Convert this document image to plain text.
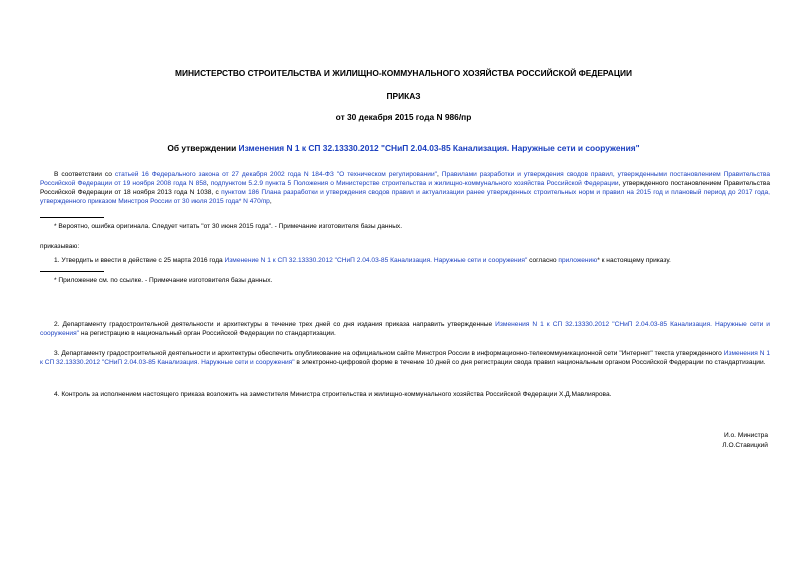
МИНИСТЕРСТВО СТРОИТЕЛЬСТВА И ЖИЛИЩНО-КОММУНАЛЬНОГО ХОЗЯЙСТВА РОССИЙСКОЙ ФЕДЕРАЦИИ
ПРИКАЗ
от 30 декабря 2015 года N 986/пр
Об утверждении Изменения N 1 к СП 32.13330.2012 "СНиП 2.04.03-85 Канализация. Наружные сети и сооружения"
В соответствии со статьей 16 Федерального закона от 27 декабря 2002 года N 184-ФЗ "О техническом регулировании", Правилами разработки и утверждения сводов правил, утвержденными постановлением Правительства Российской Федерации от 19 ноября 2008 года N 858, подпунктом 5.2.9 пункта 5 Положения о Министерстве строительства и жилищно-коммунального хозяйства Российской Федерации, утвержденного постановлением Правительства Российской Федерации от 18 ноября 2013 года N 1038, с пунктом 186 Плана разработки и утверждения сводов правил и актуализации ранее утвержденных строительных норм и правил на 2015 год и плановый период до 2017 года, утвержденного приказом Минстроя России от 30 июля 2015 года* N 470/пр,
* Вероятно, ошибка оригинала. Следует читать "от 30 июня 2015 года". - Примечание изготовителя базы данных.
приказываю:
1. Утвердить и ввести в действие с 25 марта 2016 года Изменение N 1 к СП 32.13330.2012 "СНиП 2.04.03-85 Канализация. Наружные сети и сооружения" согласно приложению* к настоящему приказу.
* Приложение см. по ссылке. - Примечание изготовителя базы данных.
2. Департаменту градостроительной деятельности и архитектуры в течение трех дней со дня издания приказа направить утвержденные Изменения N 1 к СП 32.13330.2012 "СНиП 2.04.03-85 Канализация. Наружные сети и сооружения" на регистрацию в национальный орган Российской Федерации по стандартизации.
3. Департаменту градостроительной деятельности и архитектуры обеспечить опубликование на официальном сайте Минстроя России в информационно-телекоммуникационной сети "Интернет" текста утвержденного Изменения N 1 к СП 32.13330.2012 "СНиП 2.04.03-85 Канализация. Наружные сети и сооружения" в электронно-цифровой форме в течение 10 дней со дня регистрации свода правил национальным органом Российской Федерации по стандартизации.
4. Контроль за исполнением настоящего приказа возложить на заместителя Министра строительства и жилищно-коммунального хозяйства Российской Федерации Х.Д.Мавлиярова.
И.о. Министра
Л.О.Ставицкий
